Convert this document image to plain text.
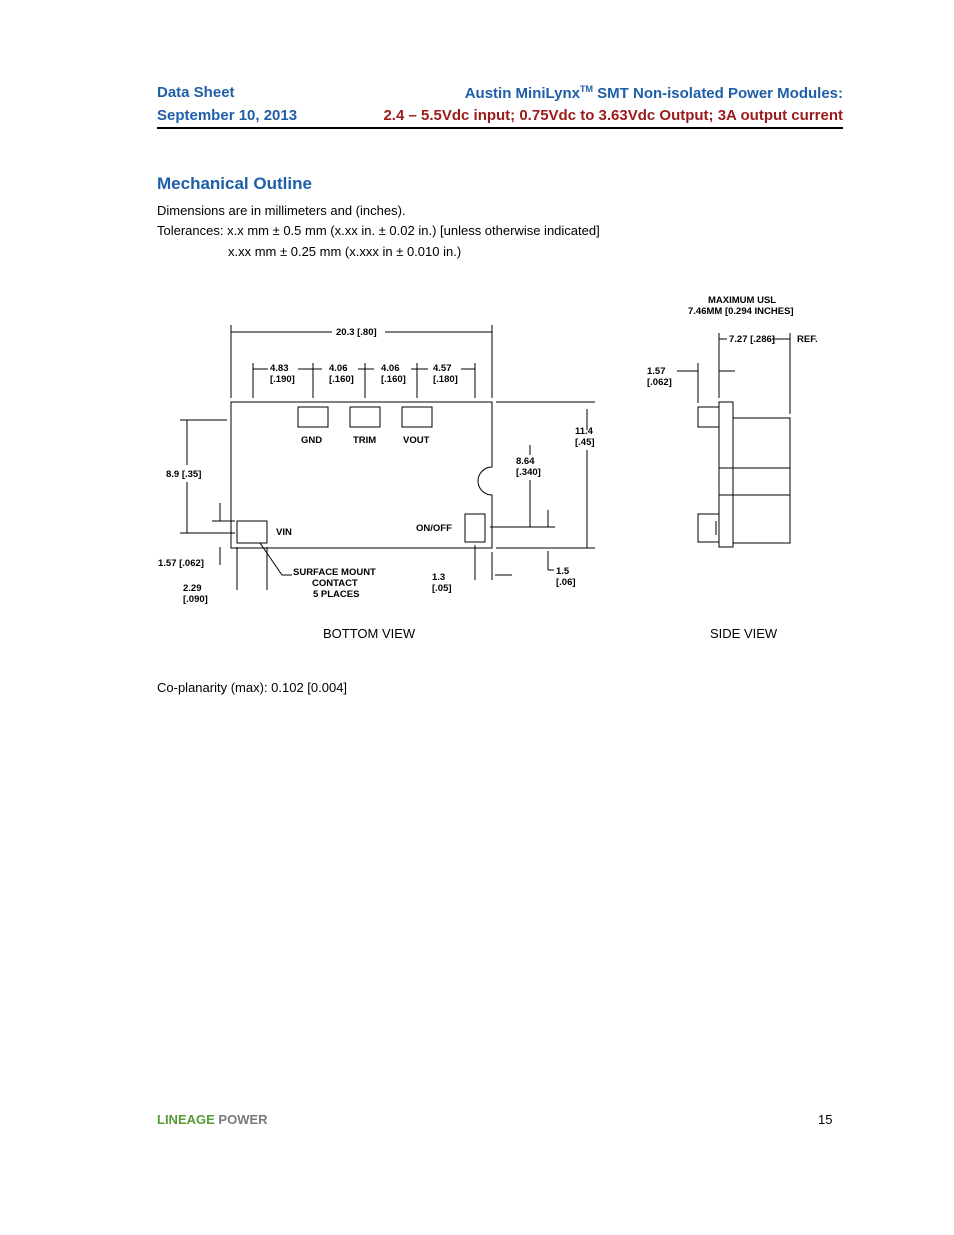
Data Sheet	Austin MiniLynx™ SMT Non-isolated Power Modules:
September 10, 2013	2.4 – 5.5Vdc input; 0.75Vdc to 3.63Vdc Output; 3A output current
Mechanical Outline
Dimensions are in millimeters and (inches).
Tolerances: x.x mm ± 0.5 mm (x.xx in. ± 0.02 in.) [unless otherwise indicated]
x.xx mm ± 0.25 mm (x.xxx in ± 0.010 in.)
20.3 [.80]
4.83
[.190]
4.06
[.160]
4.06
[.160]
4.57
[.180]
GND	TRIM	VOUT
VIN	ON/OFF
8.9 [.35]
1.57 [.062]
2.29
[.090]
SURFACE MOUNT
CONTACT
5 PLACES
11.4
[.45]
8.64
[.340]
1.3
[.05]
1.5
[.06]
MAXIMUM USL
7.46MM [0.294 INCHES]
7.27 [.286] REF.
1.57
[.062]
BOTTOM VIEW	SIDE VIEW
Co-planarity (max): 0.102 [0.004]
LINEAGE POWER	15
